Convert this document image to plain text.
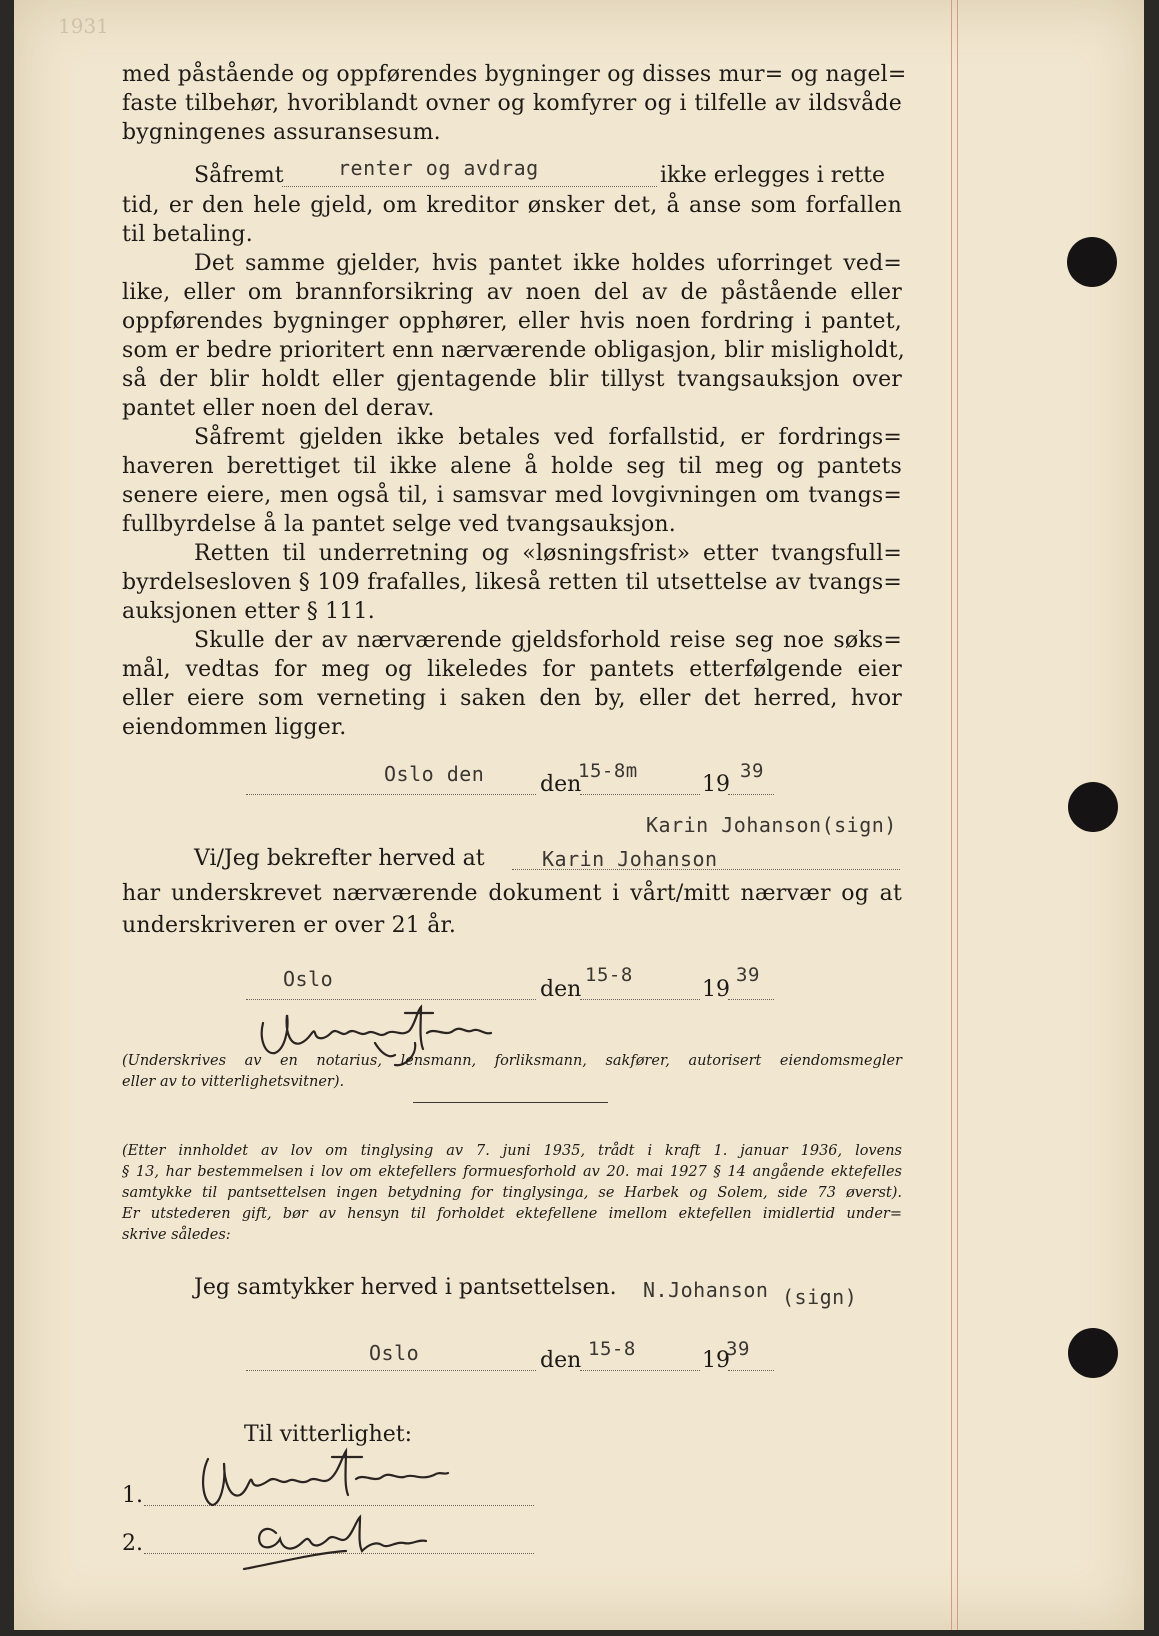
1931
med påstående og oppførendes bygninger og disses mur= og nagel=
faste tilbehør, hvoriblandt ovner og komfyrer og i tilfelle av ildsvåde
bygningenes assuransesum.
Såfremt	renter og avdrag	ikke erlegges i rette
tid, er den hele gjeld, om kreditor ønsker det, å anse som forfallen
til betaling.
Det samme gjelder, hvis pantet ikke holdes uforringet ved=
like, eller om brannforsikring av noen del av de påstående eller
oppførendes bygninger opphører, eller hvis noen fordring i pantet,
som er bedre prioritert enn nærværende obligasjon, blir misligholdt,
så der blir holdt eller gjentagende blir tillyst tvangsauksjon over
pantet eller noen del derav.
Såfremt gjelden ikke betales ved forfallstid, er fordrings=
haveren berettiget til ikke alene å holde seg til meg og pantets
senere eiere, men også til, i samsvar med lovgivningen om tvangs=
fullbyrdelse å la pantet selge ved tvangsauksjon.
Retten til underretning og «løsningsfrist» etter tvangsfull=
byrdelsesloven § 109 frafalles, likeså retten til utsettelse av tvangs=
auksjonen etter § 111.
Skulle der av nærværende gjeldsforhold reise seg noe søks=
mål, vedtas for meg og likeledes for pantets etterfølgende eier
eller eiere som verneting i saken den by, eller det herred, hvor
eiendommen ligger.
Oslo den	den
15-8m
19
39
Karin Johanson(sign)
Vi/Jeg bekrefter herved at	Karin Johanson
har underskrevet nærværende dokument i vårt/mitt nærvær og at
underskriveren er over 21 år.
Oslo	den
15-8
19
39
(Underskrives av en notarius, lensmann, forliksmann, sakfører, autorisert eiendomsmegler
eller av to vitterlighetsvitner).
(Etter innholdet av lov om tinglysing av 7. juni 1935, trådt i kraft 1. januar 1936, lovens
§ 13, har bestemmelsen i lov om ektefellers formuesforhold av 20. mai 1927 § 14 angående ektefelles
samtykke til pantsettelsen ingen betydning for tinglysinga, se Harbek og Solem, side 73 øverst).
Er utstederen gift, bør av hensyn til forholdet ektefellene imellom ektefellen imidlertid under=
skrive således:
Jeg samtykker herved i pantsettelsen. N.Johanson (sign)
Oslo	den 15-8	19
39
Til vitterlighet:
1.
2.
